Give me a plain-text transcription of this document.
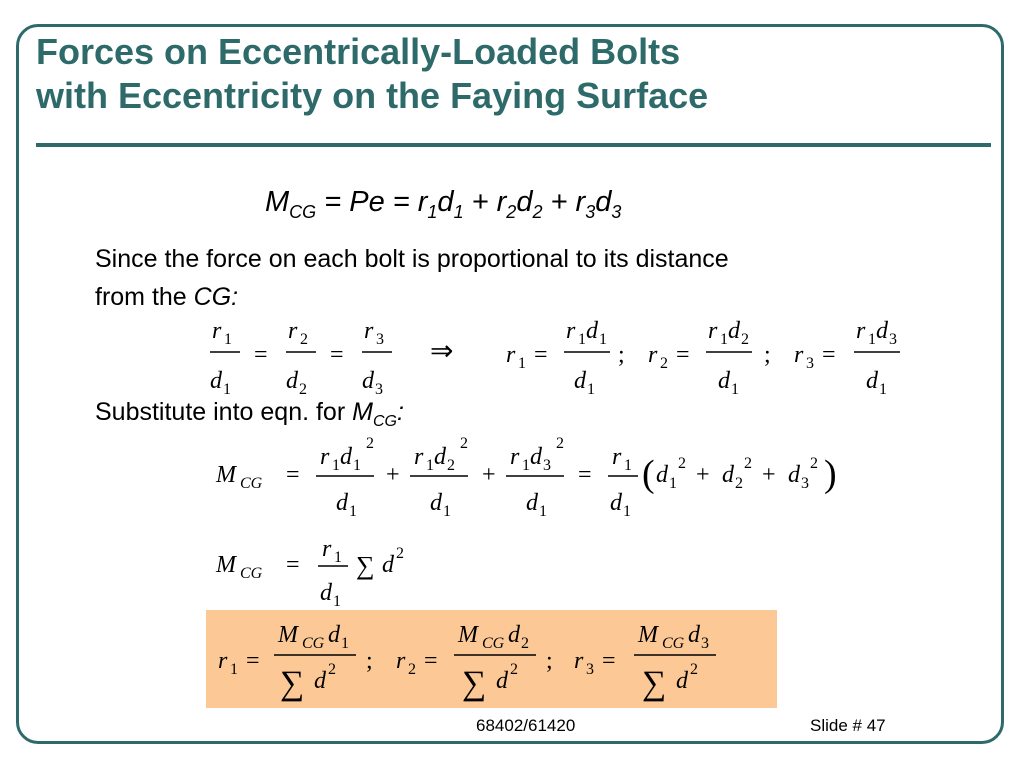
Forces on Eccentrically-Loaded Bolts
with Eccentricity on the Faying Surface
$M_{CG} = Pe = r_1d_1 + r_2d_2 + r_3d_3$
Since the force on each bolt is proportional to its distance
from the CG:
r 1
d 1
=
r 2
d 2
=
r 3
d 3
⇒ r 1 =
r 1 d 1
d 1
; r 2 =
r 1 d 2
d 1
; r 3 =
r 1 d 3
d 1
Substitute into eqn. for $M_{CG}$:
M CG =
r 1 d 1
2
d 1
+
r 1 d 2
2
d 1
+
r 1 d 3
2
d 1
=
r 1
d 1
( d 1
2 + d 2
2 + d 3
2 )
M CG =
r 1
d 1
∑ d 2
r 1 =
M CG d 1
∑ d 2 ; r 2 =
M CG d 2
∑ d 2 ; r 3 =
M CG d 3
∑ d 2
68402/61420	Slide # 47
